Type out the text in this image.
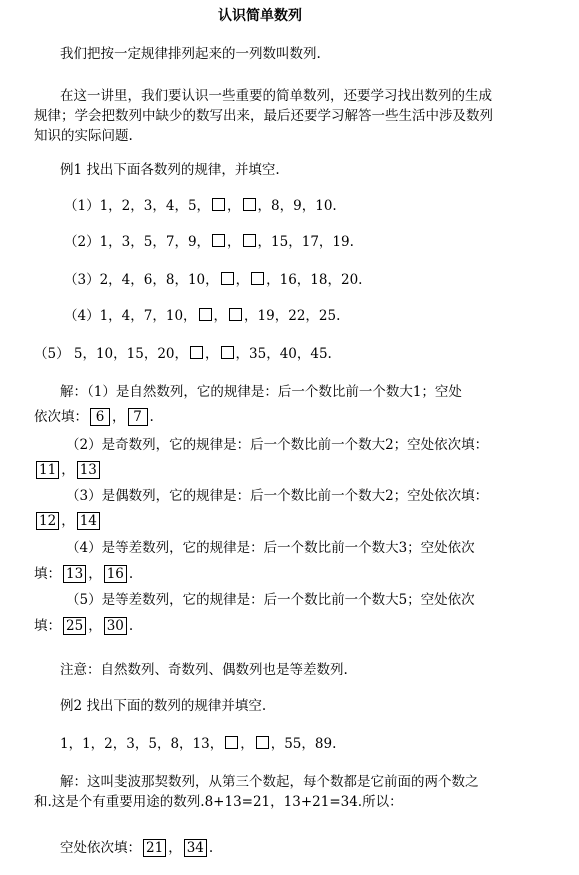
认识简单数列
我们把按一定规律排列起来的一列数叫数列.
在这一讲里，我们要认识一些重要的简单数列，还要学习找出数列的生成
规律；学会把数列中缺少的数写出来，最后还要学习解答一些生活中涉及数列
知识的实际问题.
例1 找出下面各数列的规律，并填空.
（1）1，2，3，4，5， ， ，8，9，10.
（2）1，3，5，7，9， ， ，15，17，19.
（3）2，4，6，8，10， ， ，16，18，20.
（4）1，4，7，10， ， ，19，22，25.
（5） 5，10，15，20， ， ，35，40，45.
解：（1）是自然数列，它的规律是：后一个数比前一个数大1；空处
依次填： 6 ， 7 .
（2）是奇数列，它的规律是：后一个数比前一个数大2；空处依次填：
11 ， 13
（3）是偶数列，它的规律是：后一个数比前一个数大2；空处依次填：
12 ， 14
（4）是等差数列，它的规律是：后一个数比前一个数大3；空处依次
填： 13 ， 16 .
（5）是等差数列，它的规律是：后一个数比前一个数大5；空处依次
填： 25 ， 30 .
注意：自然数列、奇数列、偶数列也是等差数列.
例2 找出下面的数列的规律并填空.
1，1，2，3，5，8，13， ， ，55，89.
解：这叫斐波那契数列，从第三个数起，每个数都是它前面的两个数之
和.这是个有重要用途的数列.8+13=21，13+21=34.所以：
空处依次填： 21 ， 34 .
